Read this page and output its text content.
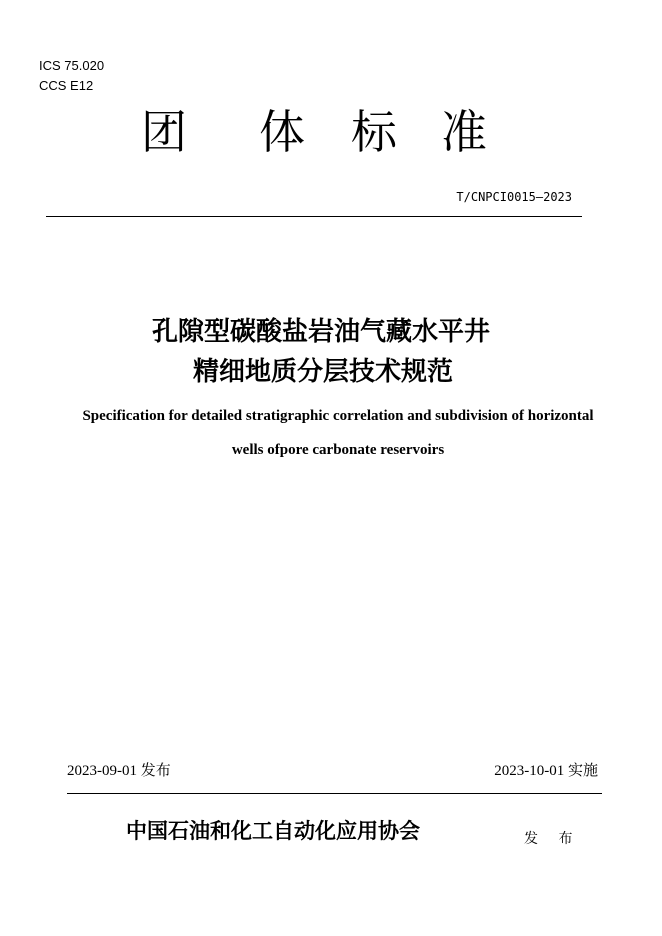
ICS 75.020
CCS E12
团 体 标 准
T/CNPCI0015—2023
孔隙型碳酸盐岩油气藏水平井
精细地质分层技术规范
Specification for detailed stratigraphic correlation and subdivision of horizontal
wells ofpore carbonate reservoirs
2023-09-01 发布	2023-10-01 实施
中国石油和化工自动化应用协会	发 布
